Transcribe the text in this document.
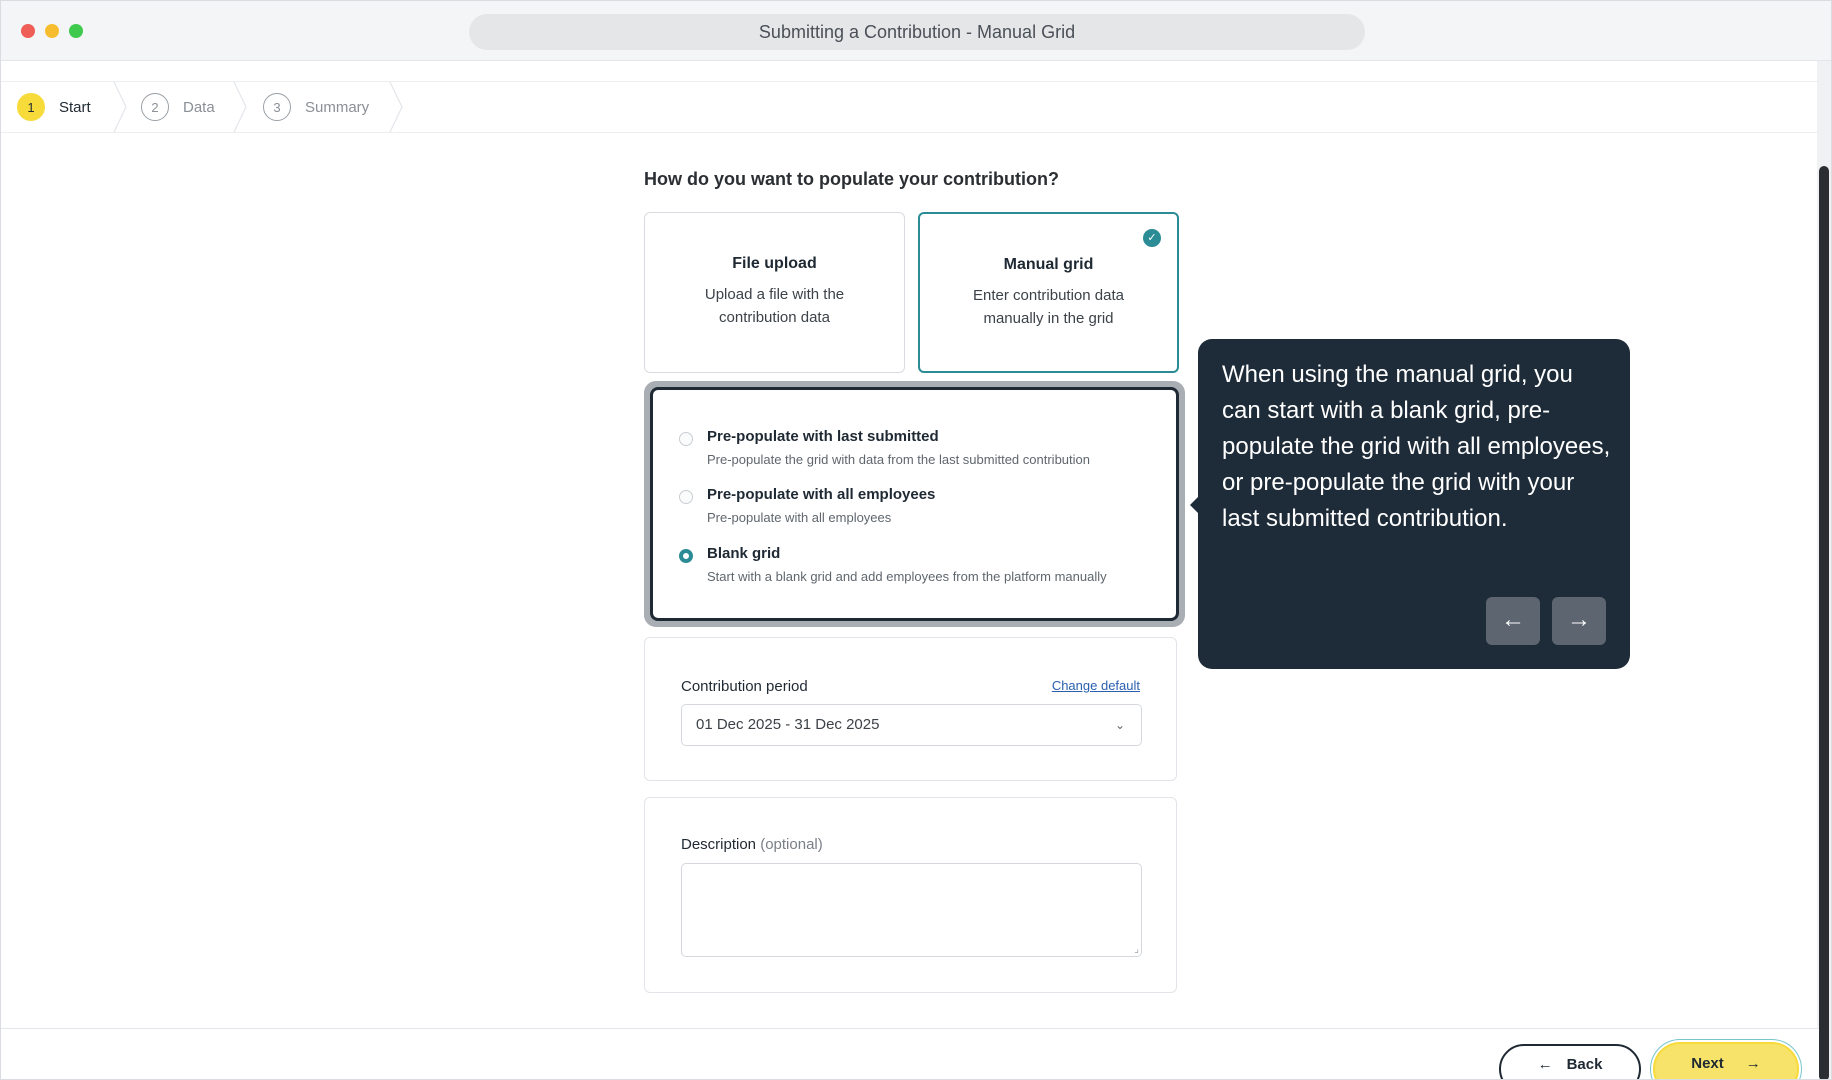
Submitting a Contribution - Manual Grid
1	Start	2	Data	3	Summary
How do you want to populate your contribution?
File upload
Upload a file with the contribution data
✓
Manual grid
Enter contribution data manually in the grid
Pre-populate with last submitted
Pre-populate the grid with data from the last submitted contribution
Pre-populate with all employees
Pre-populate with all employees
Blank grid
Start with a blank grid and add employees from the platform manually
Contribution period	Change default
01 Dec 2025 - 31 Dec 2025	⌄
Description (optional)
⌟
When using the manual grid, you can start with a blank grid, pre-populate the grid with all employees, or pre-populate the grid with your last submitted contribution.
←	→
← Back	Next →
